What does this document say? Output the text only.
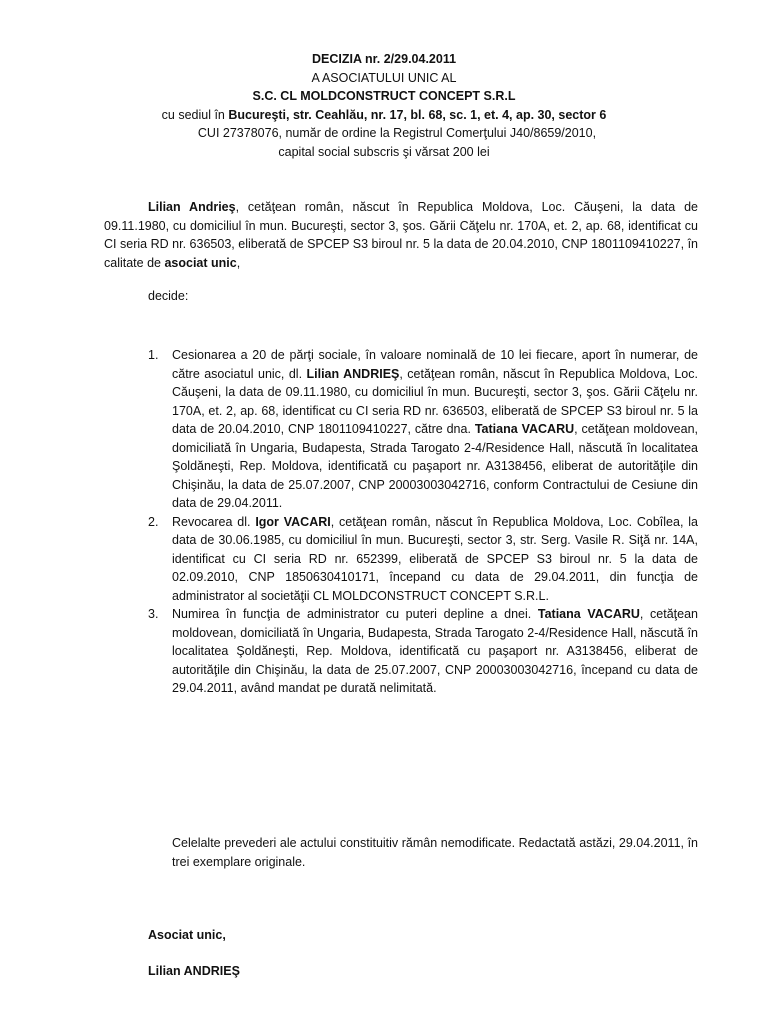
DECIZIA nr. 2/29.04.2011
A ASOCIATULUI UNIC AL
S.C. CL MOLDCONSTRUCT CONCEPT S.R.L
cu sediul în Bucureşti, str. Ceahlău, nr. 17, bl. 68, sc. 1, et. 4, ap. 30, sector 6
CUI 27378076, număr de ordine la Registrul Comerţului J40/8659/2010,
capital social subscris şi vărsat 200 lei
Lilian Andrieş, cetăţean român, născut în Republica Moldova, Loc. Căuşeni, la data de 09.11.1980, cu domiciliul în mun. Bucureşti, sector 3, şos. Gării Căţelu nr. 170A, et. 2, ap. 68, identificat cu CI seria RD nr. 636503, eliberată de SPCEP S3 biroul nr. 5 la data de 20.04.2010, CNP 1801109410227, în calitate de asociat unic,
decide:
1. Cesionarea a 20 de părţi sociale, în valoare nominală de 10 lei fiecare, aport în numerar, de către asociatul unic, dl. Lilian ANDRIEŞ, cetăţean român, născut în Republica Moldova, Loc. Căuşeni, la data de 09.11.1980, cu domiciliul în mun. Bucureşti, sector 3, şos. Gării Căţelu nr. 170A, et. 2, ap. 68, identificat cu CI seria RD nr. 636503, eliberată de SPCEP S3 biroul nr. 5 la data de 20.04.2010, CNP 1801109410227, către dna. Tatiana VACARU, cetăţean moldovean, domiciliată în Ungaria, Budapesta, Strada Tarogato 2-4/Residence Hall, născută în localitatea Şoldăneşti, Rep. Moldova, identificată cu paşaport nr. A3138456, eliberat de autorităţile din Chişinău, la data de 25.07.2007, CNP 20003003042716, conform Contractului de Cesiune din data de 29.04.2011.
2. Revocarea dl. Igor VACARI, cetăţean român, născut în Republica Moldova, Loc. Cobîlea, la data de 30.06.1985, cu domiciliul în mun. Bucureşti, sector 3, str. Serg. Vasile R. Siţă nr. 14A, identificat cu CI seria RD nr. 652399, eliberată de SPCEP S3 biroul nr. 5 la data de 02.09.2010, CNP 1850630410171, începand cu data de 29.04.2011, din funcţia de administrator al societăţii CL MOLDCONSTRUCT CONCEPT S.R.L.
3. Numirea în funcţia de administrator cu puteri depline a dnei. Tatiana VACARU, cetăţean moldovean, domiciliată în Ungaria, Budapesta, Strada Tarogato 2-4/Residence Hall, născută în localitatea Şoldăneşti, Rep. Moldova, identificată cu paşaport nr. A3138456, eliberat de autorităţile din Chişinău, la data de 25.07.2007, CNP 20003003042716, începand cu data de 29.04.2011, având mandat pe durată nelimitată.
Celelalte prevederi ale actului constituitiv rămân nemodificate. Redactată astăzi, 29.04.2011, în trei exemplare originale.
Asociat unic,
Lilian ANDRIEŞ
